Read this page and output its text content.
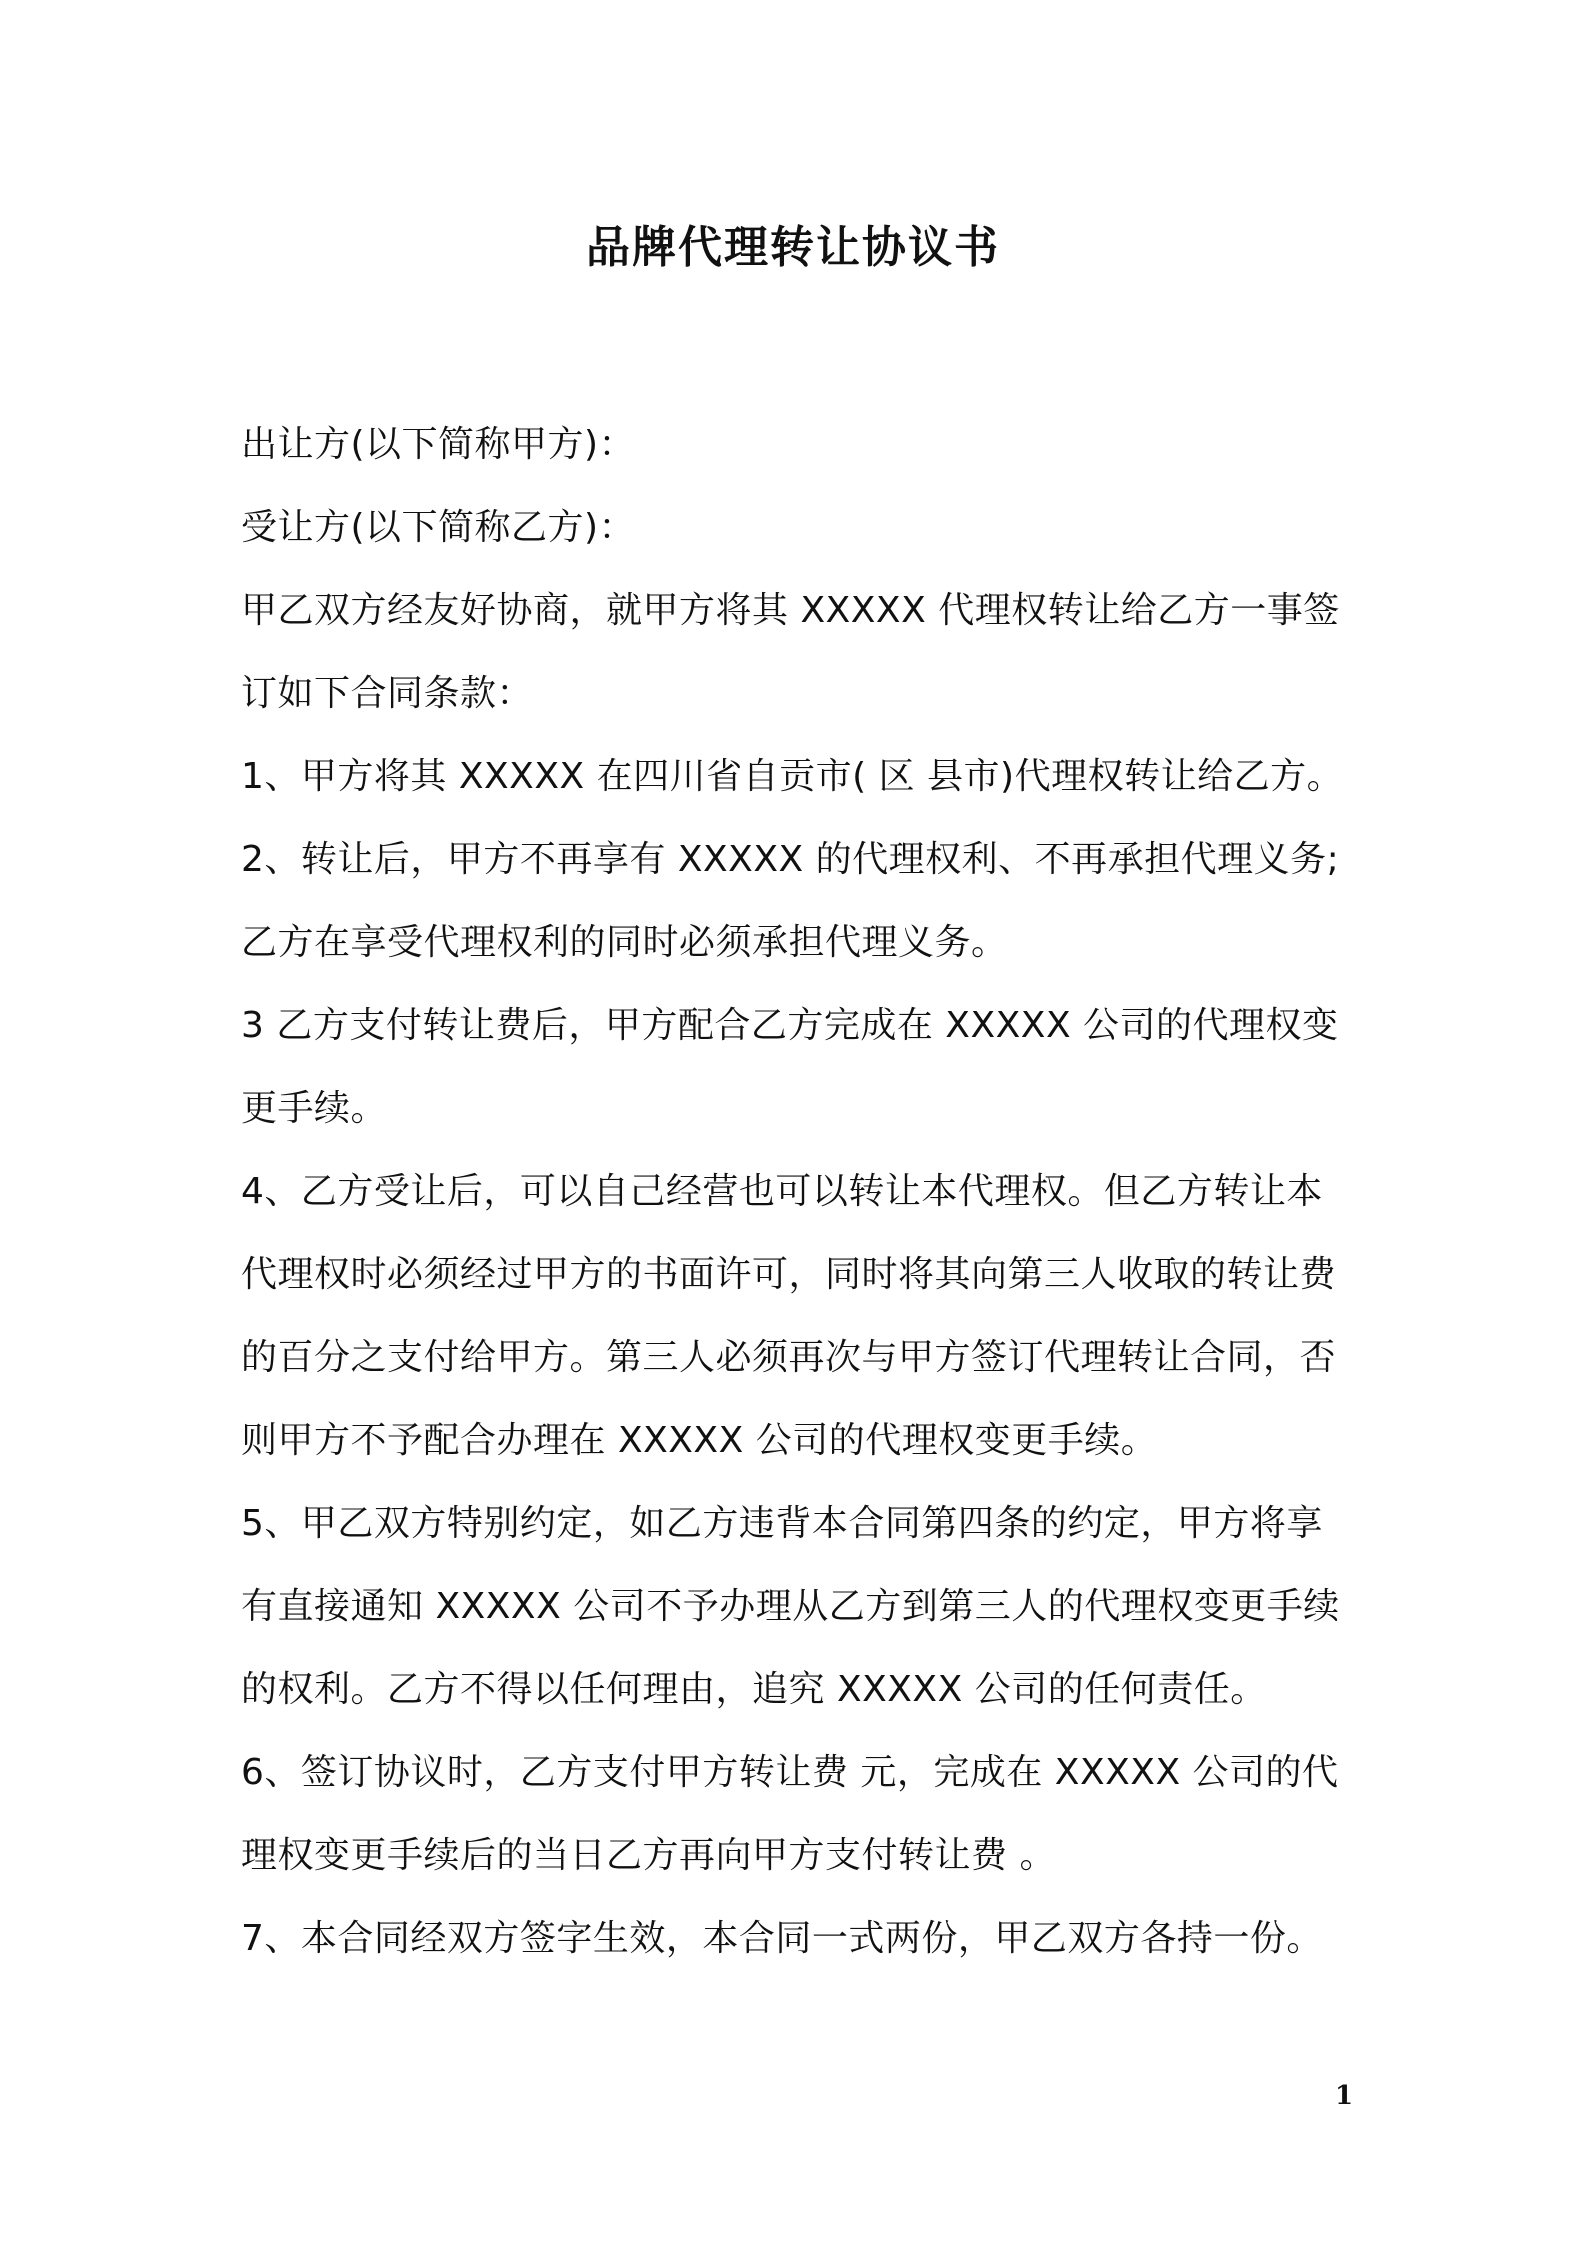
品牌代理转让协议书
出让方(以下简称甲方)：
受让方(以下简称乙方)：
甲乙双方经友好协商，就甲方将其 XXXXX 代理权转让给乙方一事签
订如下合同条款：
1、甲方将其 XXXXX 在四川省自贡市( 区 县市)代理权转让给乙方。
2、转让后，甲方不再享有 XXXXX 的代理权利、不再承担代理义务;
乙方在享受代理权利的同时必须承担代理义务。
3 乙方支付转让费后，甲方配合乙方完成在 XXXXX 公司的代理权变
更手续。
4、乙方受让后，可以自己经营也可以转让本代理权。但乙方转让本
代理权时必须经过甲方的书面许可，同时将其向第三人收取的转让费
的百分之支付给甲方。第三人必须再次与甲方签订代理转让合同，否
则甲方不予配合办理在 XXXXX 公司的代理权变更手续。
5、甲乙双方特别约定，如乙方违背本合同第四条的约定，甲方将享
有直接通知 XXXXX 公司不予办理从乙方到第三人的代理权变更手续
的权利。乙方不得以任何理由，追究 XXXXX 公司的任何责任。
6、签订协议时，乙方支付甲方转让费 元，完成在 XXXXX 公司的代
理权变更手续后的当日乙方再向甲方支付转让费 。
7、本合同经双方签字生效，本合同一式两份，甲乙双方各持一份。
1
